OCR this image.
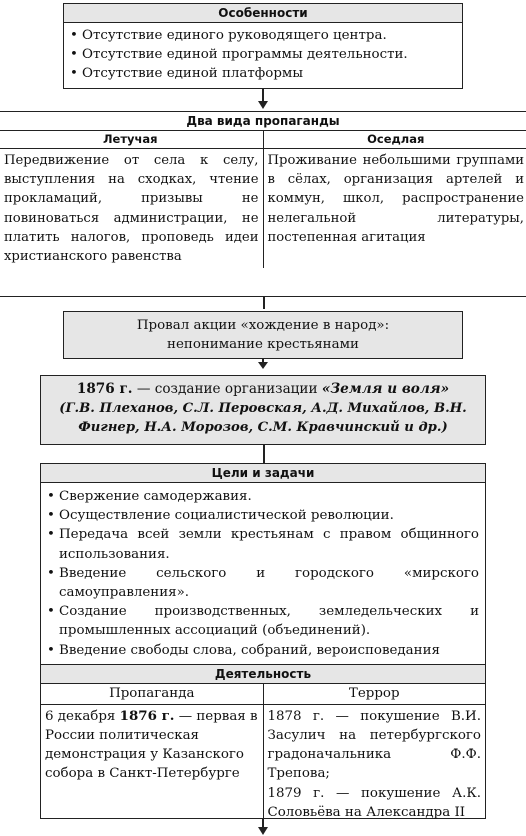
Особенности
• Отсутствие единого руководящего центра.
• Отсутствие единой программы деятельности.
• Отсутствие единой платформы
Два вида пропаганды
Летучая
Передвижение от села к селу, выступления на сходках, чтение прокламаций, призывы не повиноваться администрации, не платить налогов, проповедь идеи христианского равенства
Оседлая
Проживание небольшими группами в сёлах, организация артелей и коммун, школ, распространение нелегальной литературы, постепенная агитация
Провал акции «хождение в народ»:
непонимание крестьянами
1876 г. — создание организации «Земля и воля»
(Г.В. Плеханов, С.Л. Перовская, А.Д. Михайлов, В.Н. Фигнер, Н.А. Морозов, С.М. Кравчинский и др.)
Цели и задачи
• Свержение самодержавия.
• Осуществление социалистической революции.
• Передача всей земли крестьянам с правом общинного использования.
• Введение сельского и городского «мирского самоуправления».
• Создание производственных, земледельческих и промышленных ассоциаций (объединений).
• Введение свободы слова, собраний, вероисповедания
Деятельность
Пропаганда
6 декабря 1876 г. — первая в России политическая демонстрация у Казанского собора в Санкт-Петербурге
Террор
1878 г. — покушение В.И. Засулич на петербургского градоначальника Ф.Ф. Трепова;
1879 г. — покушение А.К. Соловьёва на Александра II
